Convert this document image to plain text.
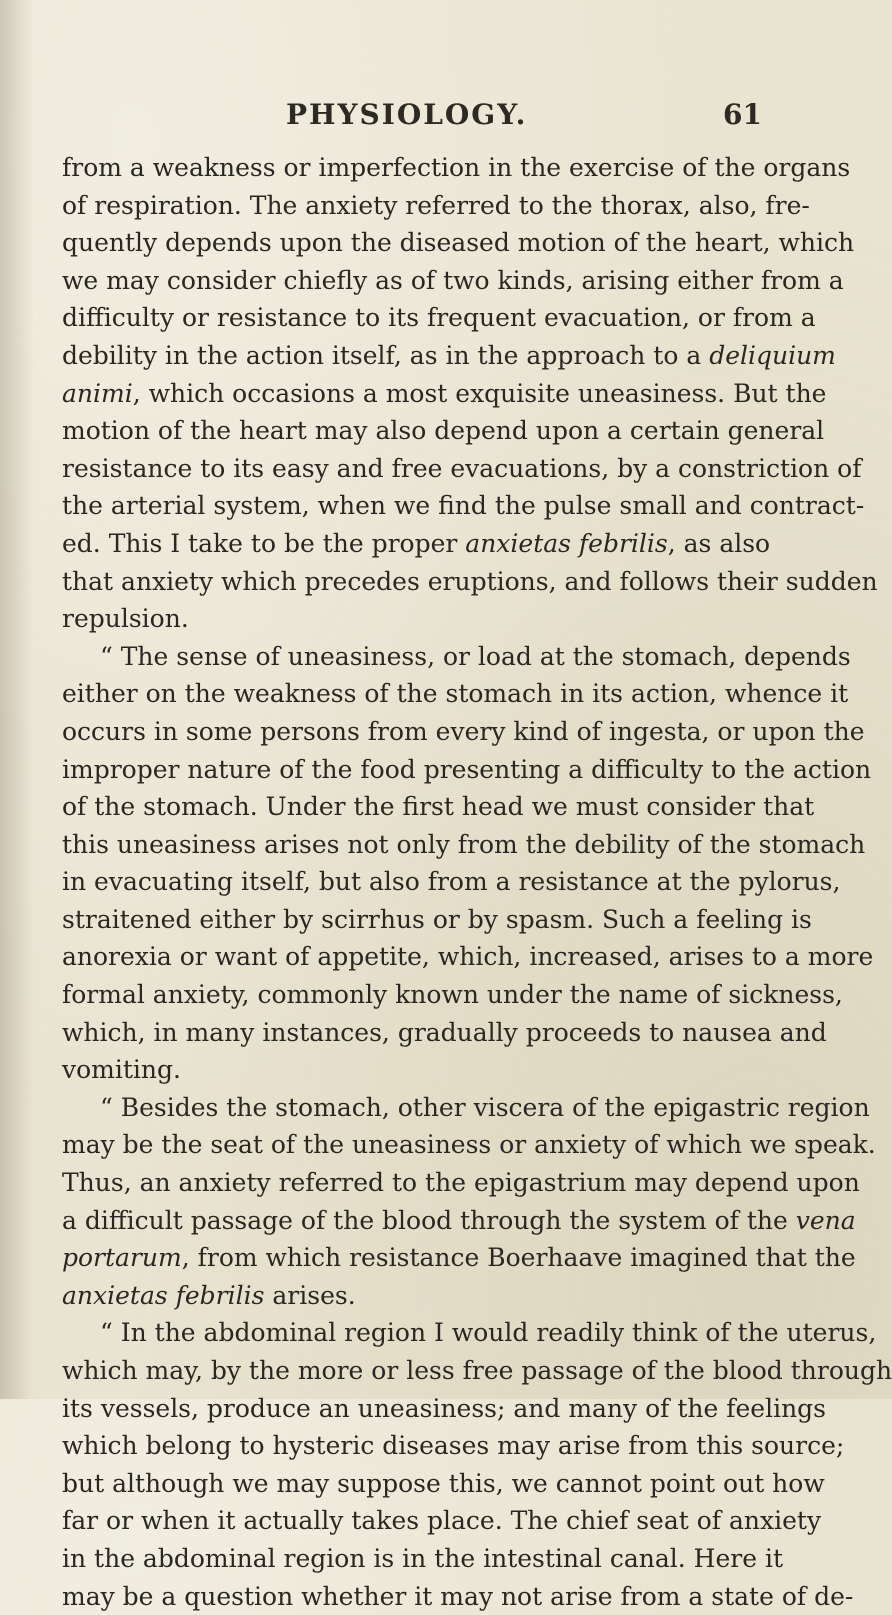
PHYSIOLOGY.	61
from a weakness or imperfection in the exercise of the organs
of respiration. The anxiety referred to the thorax, also, fre-
quently depends upon the diseased motion of the heart, which
we may consider chiefly as of two kinds, arising either from a
difficulty or resistance to its frequent evacuation, or from a
debility in the action itself, as in the approach to a deliquium
animi, which occasions a most exquisite uneasiness. But the
motion of the heart may also depend upon a certain general
resistance to its easy and free evacuations, by a constriction of
the arterial system, when we find the pulse small and contract-
ed. This I take to be the proper anxietas febrilis, as also
that anxiety which precedes eruptions, and follows their sudden
repulsion.
“ The sense of uneasiness, or load at the stomach, depends
either on the weakness of the stomach in its action, whence it
occurs in some persons from every kind of ingesta, or upon the
improper nature of the food presenting a difficulty to the action
of the stomach. Under the first head we must consider that
this uneasiness arises not only from the debility of the stomach
in evacuating itself, but also from a resistance at the pylorus,
straitened either by scirrhus or by spasm. Such a feeling is
anorexia or want of appetite, which, increased, arises to a more
formal anxiety, commonly known under the name of sickness,
which, in many instances, gradually proceeds to nausea and
vomiting.
“ Besides the stomach, other viscera of the epigastric region
may be the seat of the uneasiness or anxiety of which we speak.
Thus, an anxiety referred to the epigastrium may depend upon
a difficult passage of the blood through the system of the vena
portarum, from which resistance Boerhaave imagined that the
anxietas febrilis arises.
“ In the abdominal region I would readily think of the uterus,
which may, by the more or less free passage of the blood through
its vessels, produce an uneasiness; and many of the feelings
which belong to hysteric diseases may arise from this source;
but although we may suppose this, we cannot point out how
far or when it actually takes place. The chief seat of anxiety
in the abdominal region is in the intestinal canal. Here it
may be a question whether it may not arise from a state of de-
